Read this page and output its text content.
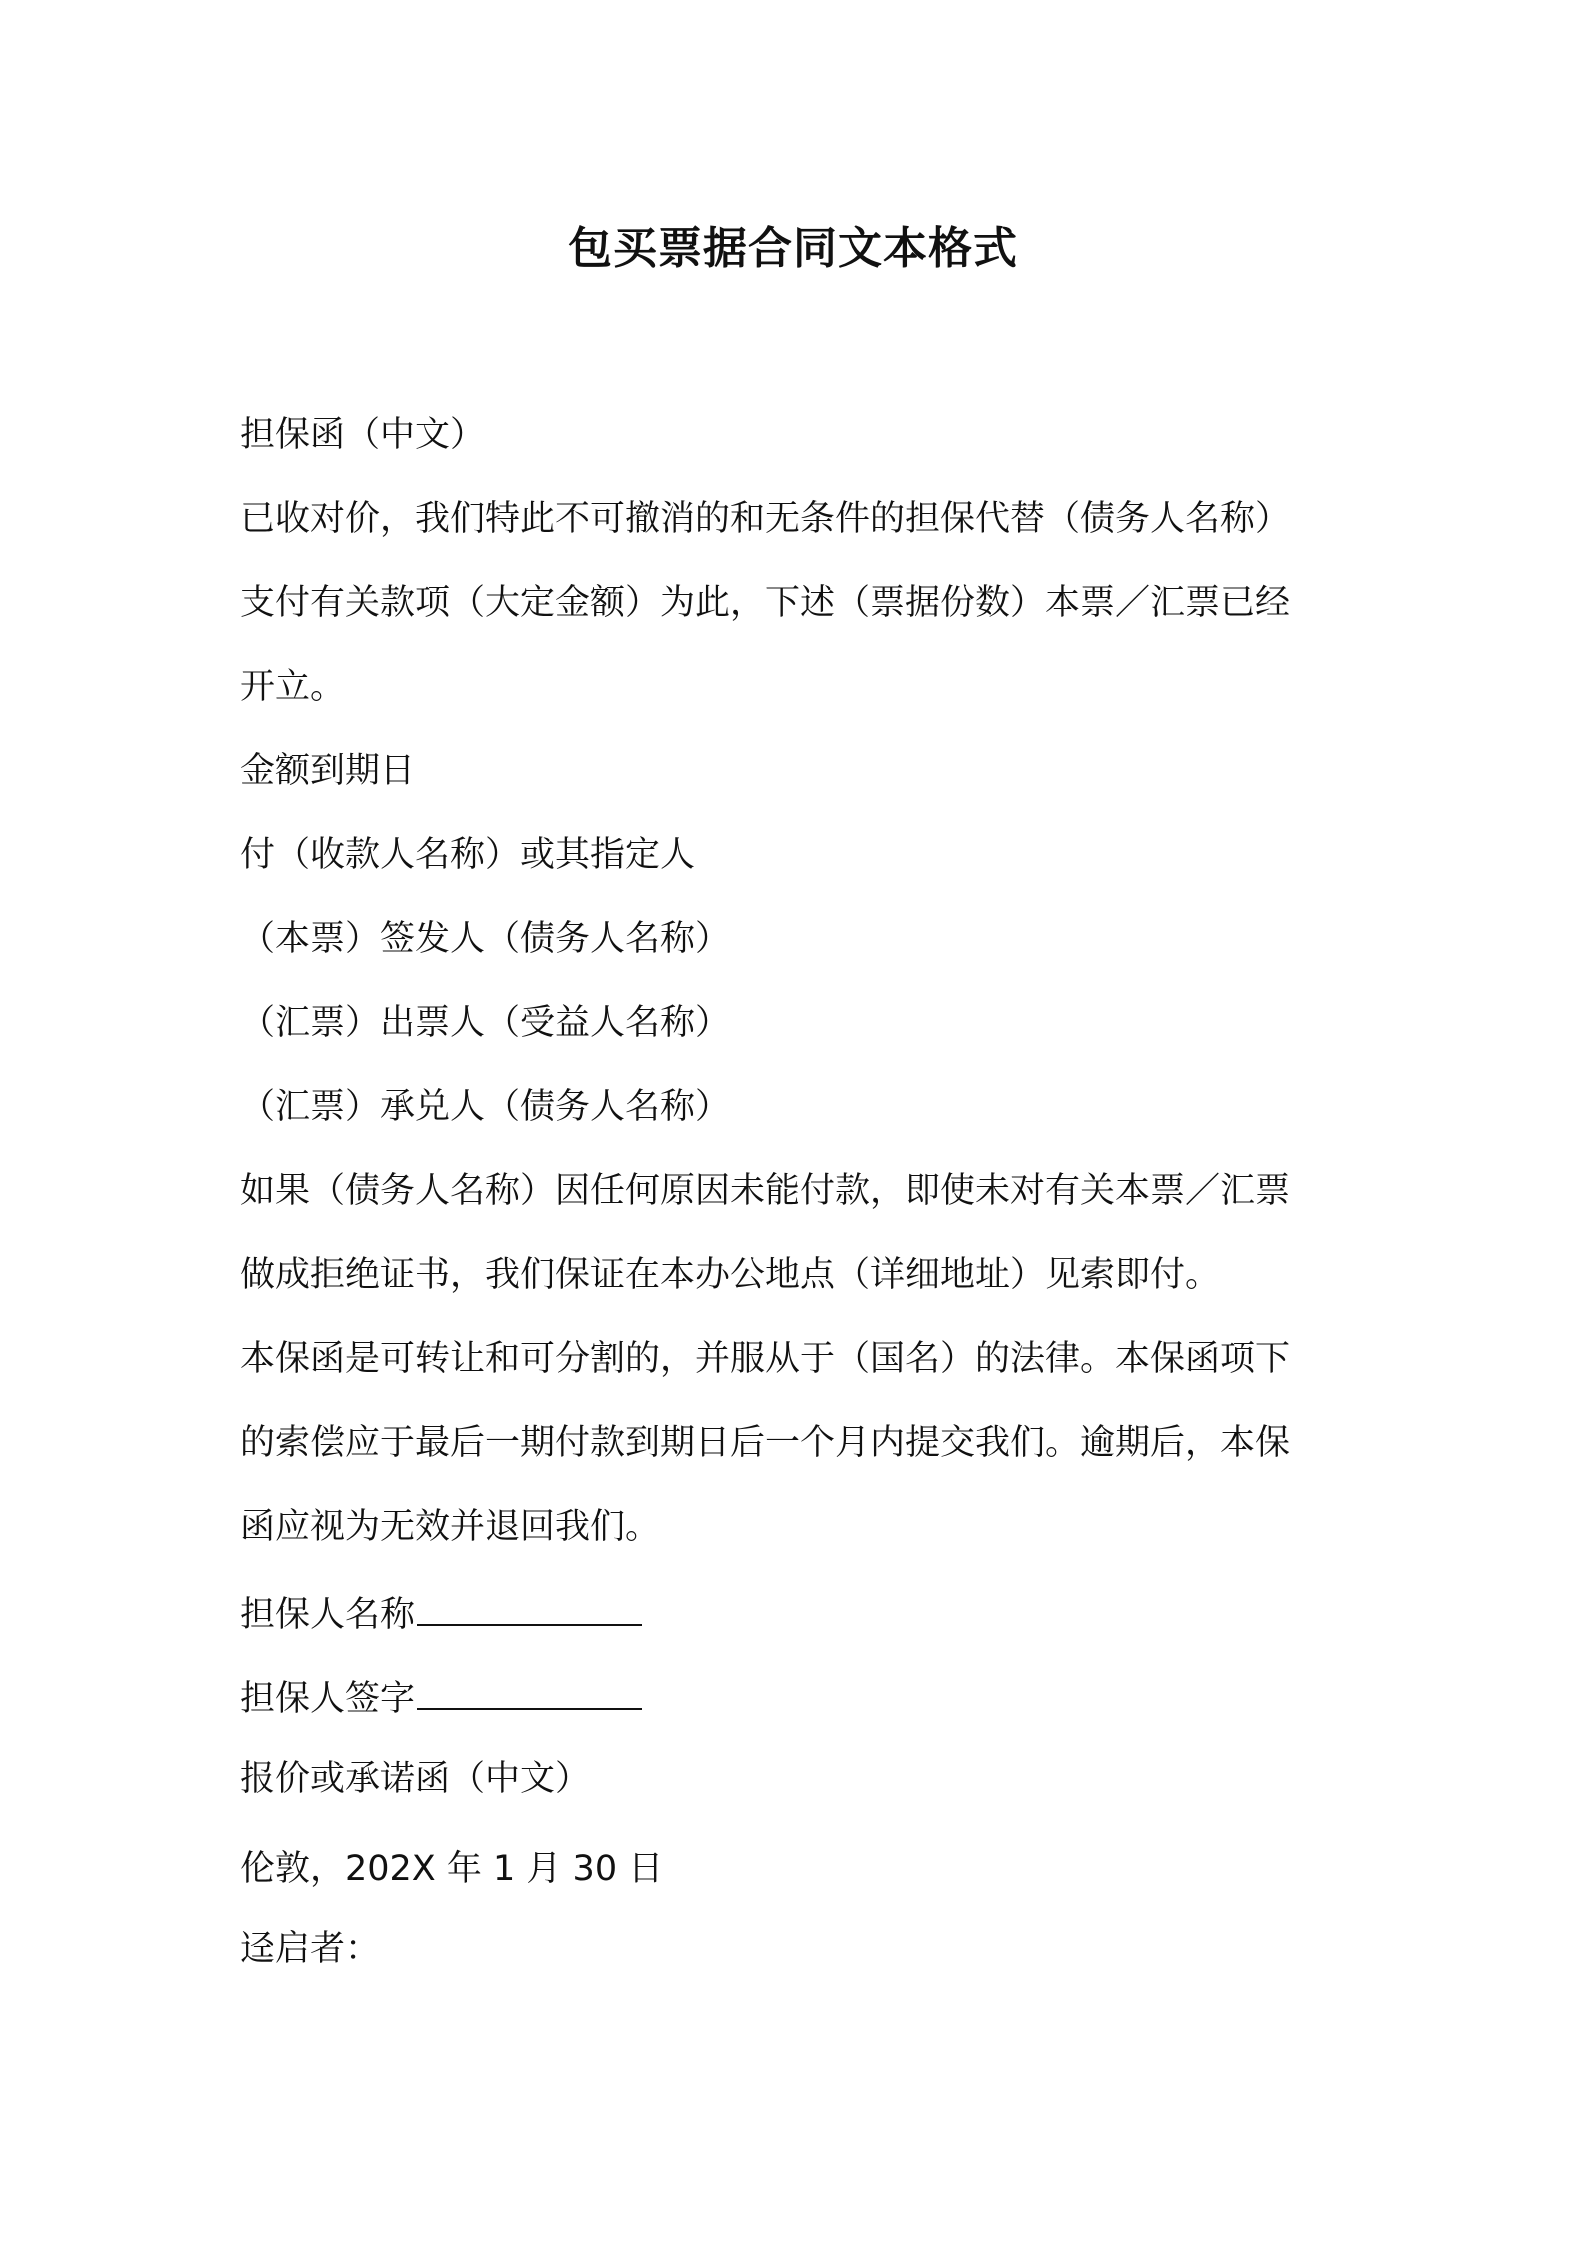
包买票据合同文本格式
担保函（中文）
已收对价，我们特此不可撤消的和无条件的担保代替（债务人名称）
支付有关款项（大定金额）为此，下述（票据份数）本票／汇票已经
开立。
金额到期日
付（收款人名称）或其指定人
（本票）签发人（债务人名称）
（汇票）出票人（受益人名称）
（汇票）承兑人（债务人名称）
如果（债务人名称）因任何原因未能付款，即使未对有关本票／汇票
做成拒绝证书，我们保证在本办公地点（详细地址）见索即付。
本保函是可转让和可分割的，并服从于（国名）的法律。本保函项下
的索偿应于最后一期付款到期日后一个月内提交我们。逾期后，本保
函应视为无效并退回我们。
担保人名称
担保人签字
报价或承诺函（中文）
伦敦，202X 年 1 月 30 日
迳启者：
